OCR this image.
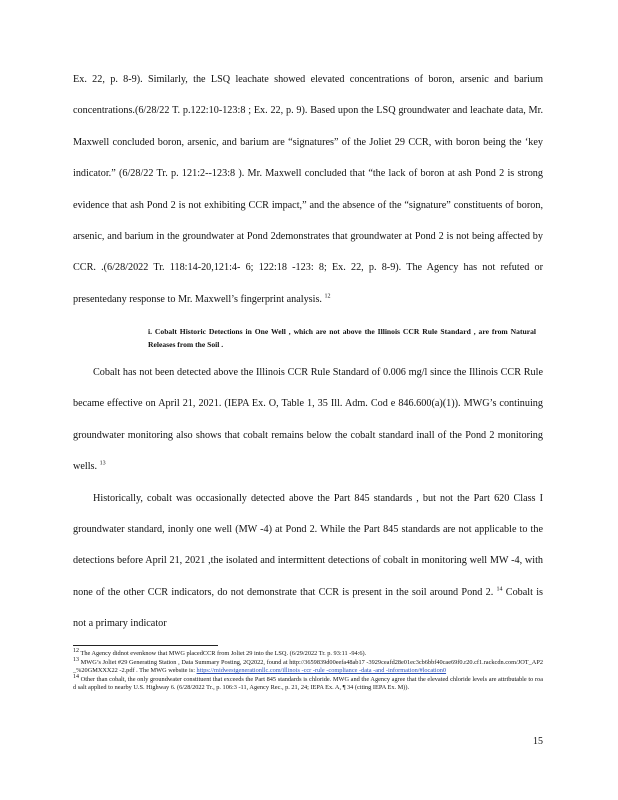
Ex. 22, p. 8-9). Similarly, the LSQ leachate showed elevated concentrations of boron, arsenic and barium concentrations.(6/28/22 T. p.122:10-123:8 ; Ex. 22, p. 9). Based upon the LSQ groundwater and leachate data, Mr. Maxwell concluded boron, arsenic, and barium are “signatures” of the Joliet 29 CCR, with boron being the ‘key indicator.” (6/28/22 Tr. p. 121:2--123:8 ). Mr. Maxwell concluded that “the lack of boron at ash Pond 2 is strong evidence that ash Pond 2 is not exhibiting CCR impact,” and the absence of the “signature” constituents of boron, arsenic, and barium in the groundwater at Pond 2demonstrates that groundwater at Pond 2 is not being affected by CCR. .(6/28/2022 Tr. 118:14-20,121:4- 6; 122:18 -123: 8; Ex. 22, p. 8-9). The Agency has not refuted or presentedany response to Mr. Maxwell’s fingerprint analysis. $^{12}$

i. Cobalt Historic Detections in One Well , which are not above the Illinois CCR Rule Standard , are from Natural Releases from the Soil .

Cobalt has not been detected above the Illinois CCR Rule Standard of 0.006 mg/l since the Illinois CCR Rule became effective on April 21, 2021. (IEPA Ex. O, Table 1, 35 Ill. Adm. Cod e 846.600(a)(1)). MWG’s continuing groundwater monitoring also shows that cobalt remains below the cobalt standard inall of the Pond 2 monitoring wells. $^{13}$

Historically, cobalt was occasionally detected above the Part 845 standards , but not the Part 620 Class I groundwater standard, inonly one well (MW -4) at Pond 2. While the Part 845 standards are not applicable to the detections before April 21, 2021 ,the isolated and intermittent detections of cobalt in monitoring well MW -4, with none of the other CCR indicators, do not demonstrate that CCR is present in the soil around Pond 2. $^{14}$ Cobalt is not a primary indicator

$^{12}$ The Agency didnot evenknow that MWG placedCCR from Joliet 29 into the LSQ. (6/29/2022 Tr. p. 93:11 -94:6).

$^{13}$ MWG’s Joliet #29 Generating Station , Data Summary Posting, 2Q2022, found at http://3659839d00eefa48ab17 -3929ceafd28e01ec3cb6bbf40cae69f0.r20.cf1.rackcdn.com/JOT_AP2_%20GMXXX22 -2.pdf . The MWG website is: https://midwestgenerationllc.com/illinois -ccr -rule -compliance -data -and -information/#location0

$^{14}$ Other than cobalt, the only groundwater constituent that exceeds the Part 845 standards is chloride. MWG and the Agency agree that the elevated chloride levels are attributable to road salt applied to nearby U.S. Highway 6. (6/28/2022 Tr., p. 106:3 -11, Agency Rec., p. 21, 24; IEPA Ex. A, ¶ 34 (citing IEPA Ex. M)).

15
